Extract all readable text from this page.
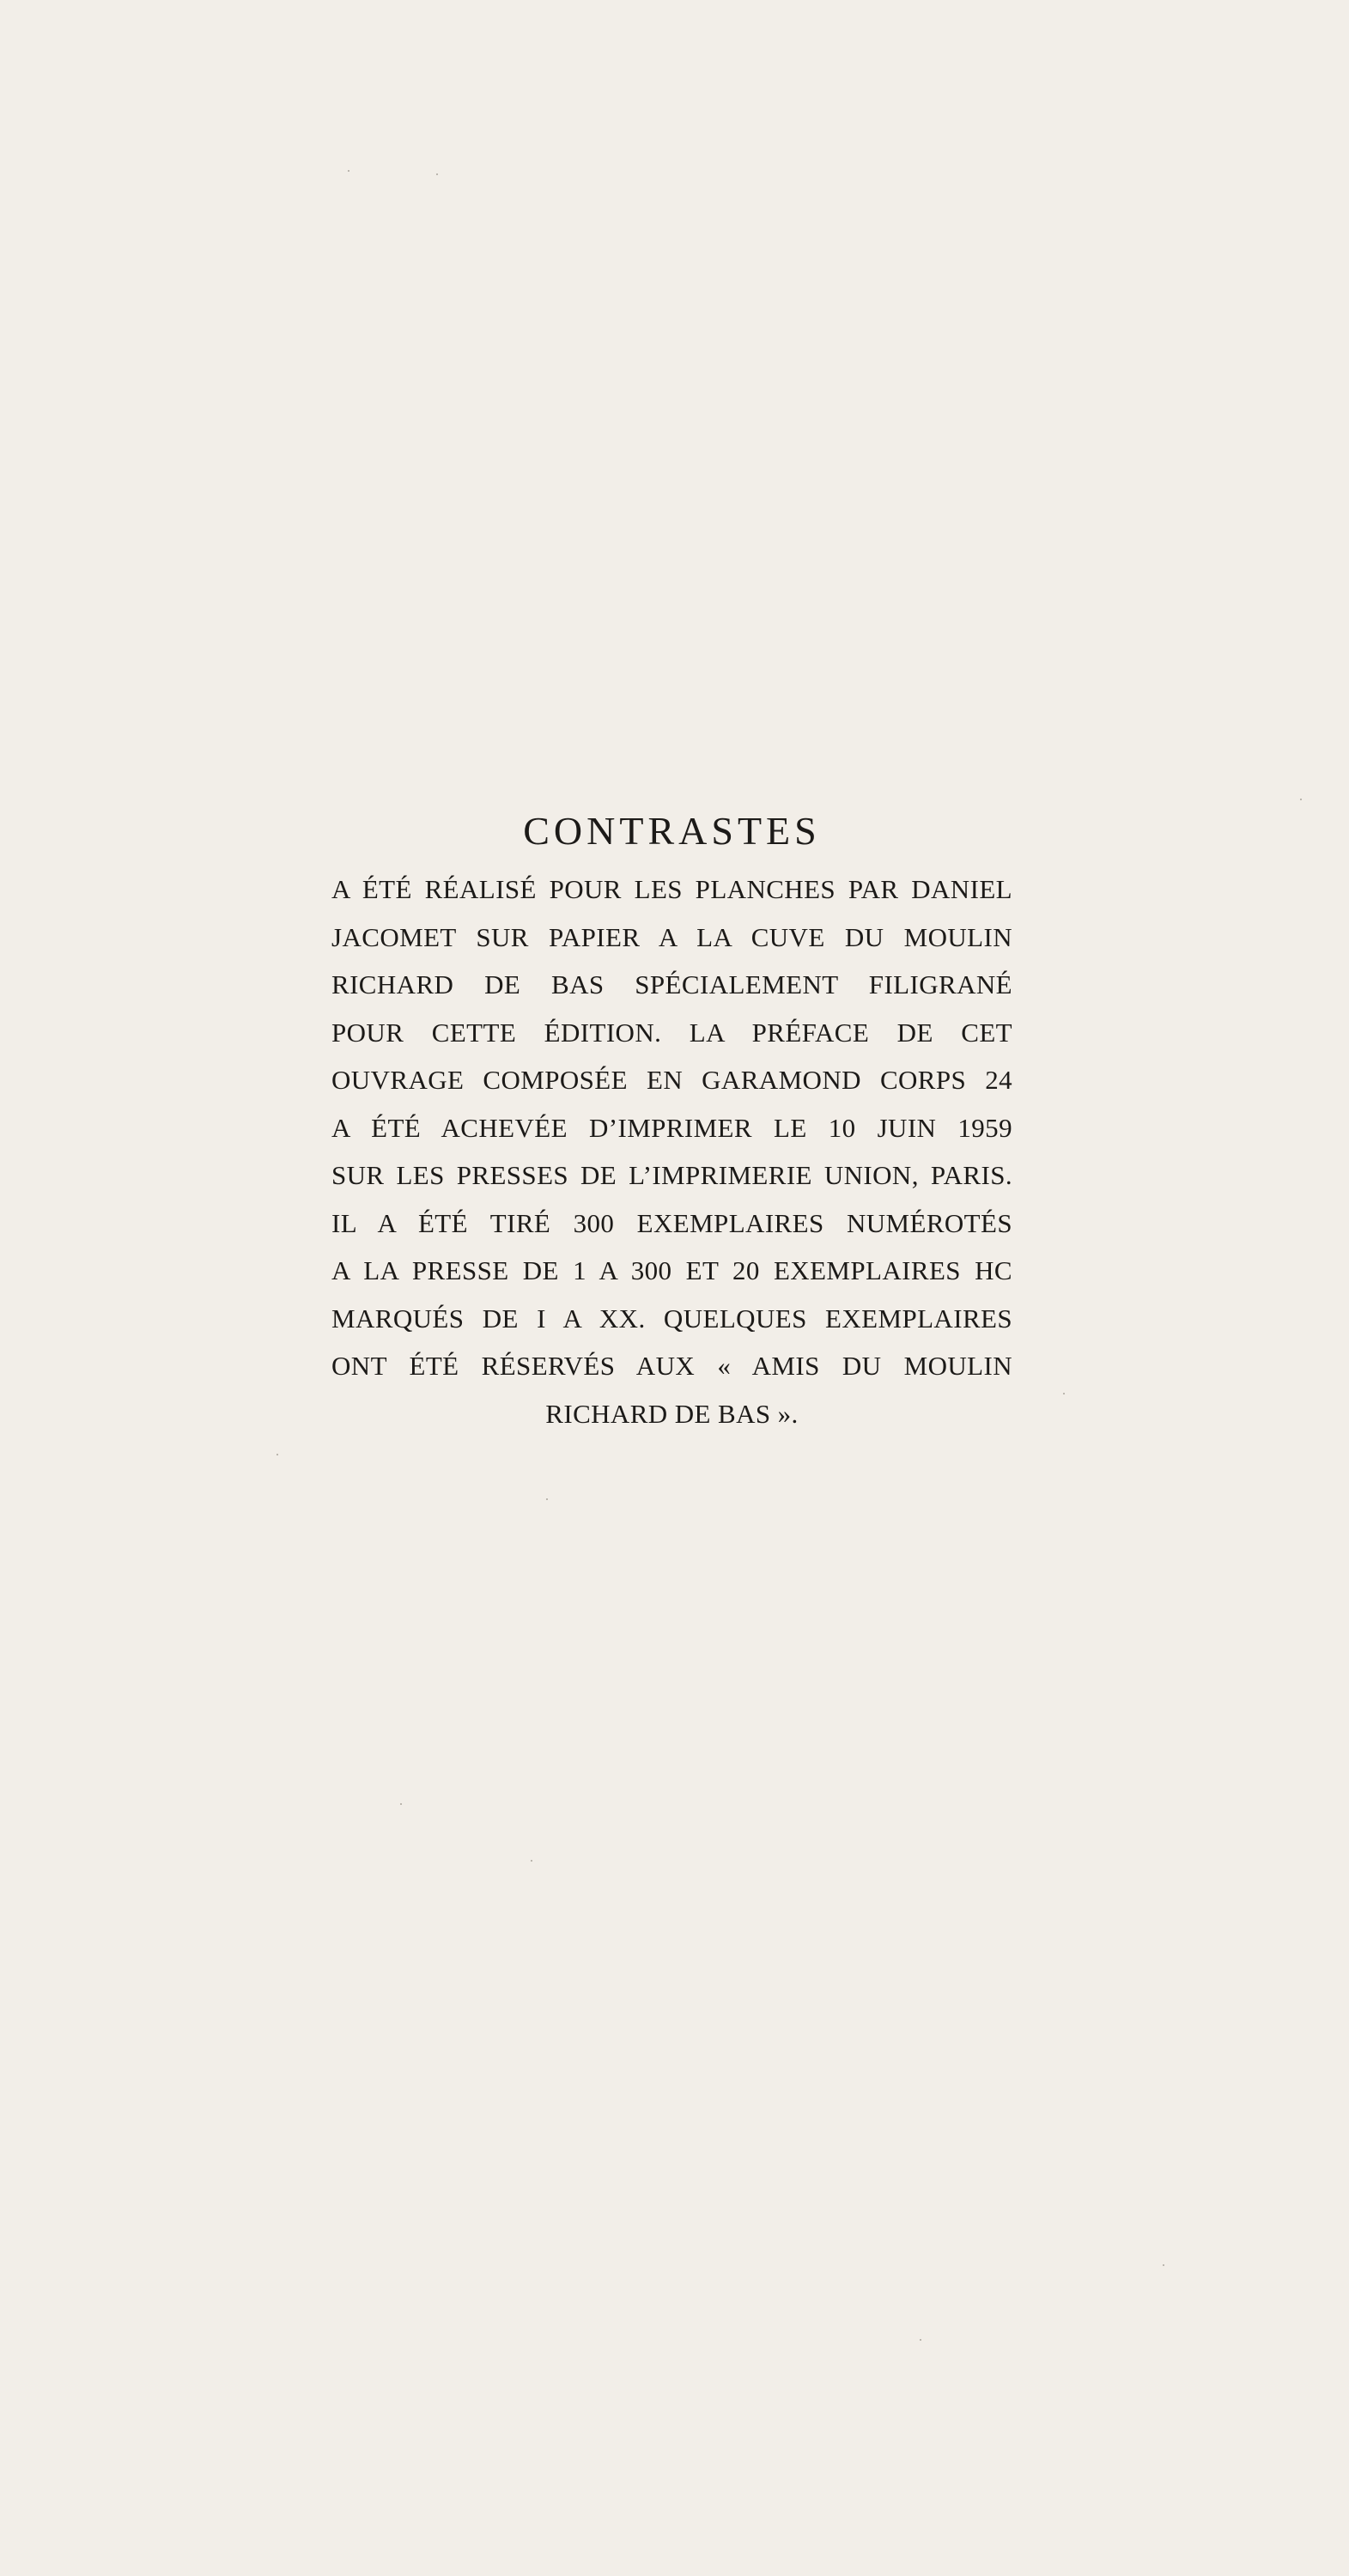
CONTRASTES
A ÉTÉ RÉALISÉ POUR LES PLANCHES PAR DANIEL
JACOMET SUR PAPIER A LA CUVE DU MOULIN
RICHARD DE BAS SPÉCIALEMENT FILIGRANÉ
POUR CETTE ÉDITION. LA PRÉFACE DE CET
OUVRAGE COMPOSÉE EN GARAMOND CORPS 24
A ÉTÉ ACHEVÉE D’IMPRIMER LE 10 JUIN 1959
SUR LES PRESSES DE L’IMPRIMERIE UNION, PARIS.
IL A ÉTÉ TIRÉ 300 EXEMPLAIRES NUMÉROTÉS
A LA PRESSE DE 1 A 300 ET 20 EXEMPLAIRES HC
MARQUÉS DE I A XX. QUELQUES EXEMPLAIRES
ONT ÉTÉ RÉSERVÉS AUX « AMIS DU MOULIN
RICHARD DE BAS ».
